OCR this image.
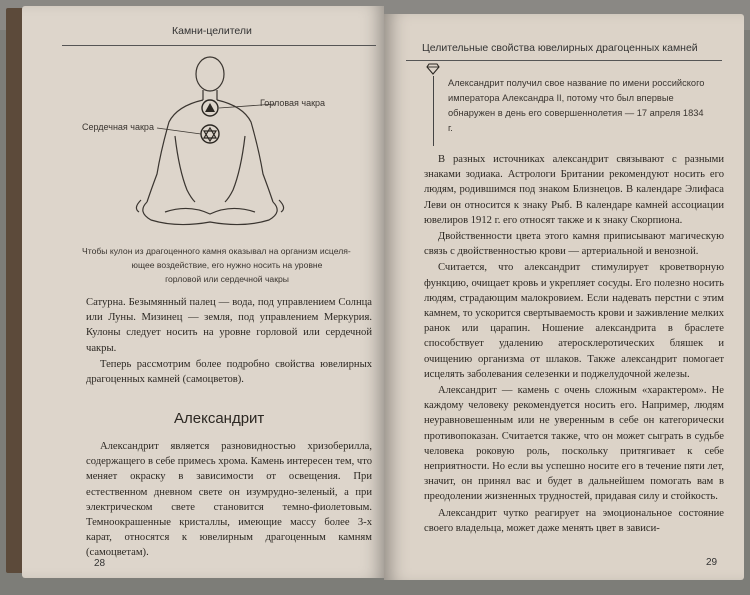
Камни-целители
Горловая чакра
Сердечная чакра
Чтобы кулон из драгоценного камня оказывал на организм исцеля-
ющее воздействие, его нужно носить на уровне
горловой или сердечной чакры

Сатурна. Безымянный палец — вода, под управлением Солнца или Луны. Мизинец — земля, под управлением Меркурия. Кулоны следует носить на уровне горловой или сердечной чакры.

Теперь рассмотрим более подробно свойства ювелирных драгоценных камней (самоцветов).

Александрит

Александрит является разновидностью хризоберилла, содержащего в себе примесь хрома. Камень интересен тем, что меняет окраску в зависимости от освещения. При естественном дневном свете он изумрудно-зеленый, а при электрическом свете становится темно-фиолетовым. Темноокрашенные кристаллы, имеющие массу более 3-х карат, относятся к ювелирным драгоценным камням (самоцветам).

28
Целительные свойства ювелирных драгоценных камней
Александрит получил свое название по имени российского императора Александра II, потому что был впервые обнаружен в день его совершеннолетия — 17 апреля 1834 г.

В разных источниках александрит связывают с разными знаками зодиака. Астрологи Британии рекомендуют носить его людям, родившимся под знаком Близнецов. В календаре Элифаса Леви он относится к знаку Рыб. В календаре камней ассоциации ювелиров 1912 г. его относят также и к знаку Скорпиона.

Двойственности цвета этого камня приписывают магическую связь с двойственностью крови — артериальной и венозной.

Считается, что александрит стимулирует кроветворную функцию, очищает кровь и укрепляет сосуды. Его полезно носить людям, страдающим малокровием. Если надевать перстни с этим камнем, то ускорится свертываемость крови и заживление мелких ранок или царапин. Ношение александрита в браслете способствует удалению атеросклеротических бляшек и очищению организма от шлаков. Также александрит помогает исцелять заболевания селезенки и поджелудочной железы.

Александрит — камень с очень сложным «характером». Не каждому человеку рекомендуется носить его. Например, людям неуравновешенным или не уверенным в себе он категорически противопоказан. Считается также, что он может сыграть в судьбе человека роковую роль, поскольку притягивает к себе неприятности. Но если вы успешно носите его в течение пяти лет, значит, он принял вас и будет в дальнейшем помогать вам в преодолении жизненных трудностей, придавая силу и стойкость.

Александрит чутко реагирует на эмоциональное состояние своего владельца, может даже менять цвет в зависи-

29
